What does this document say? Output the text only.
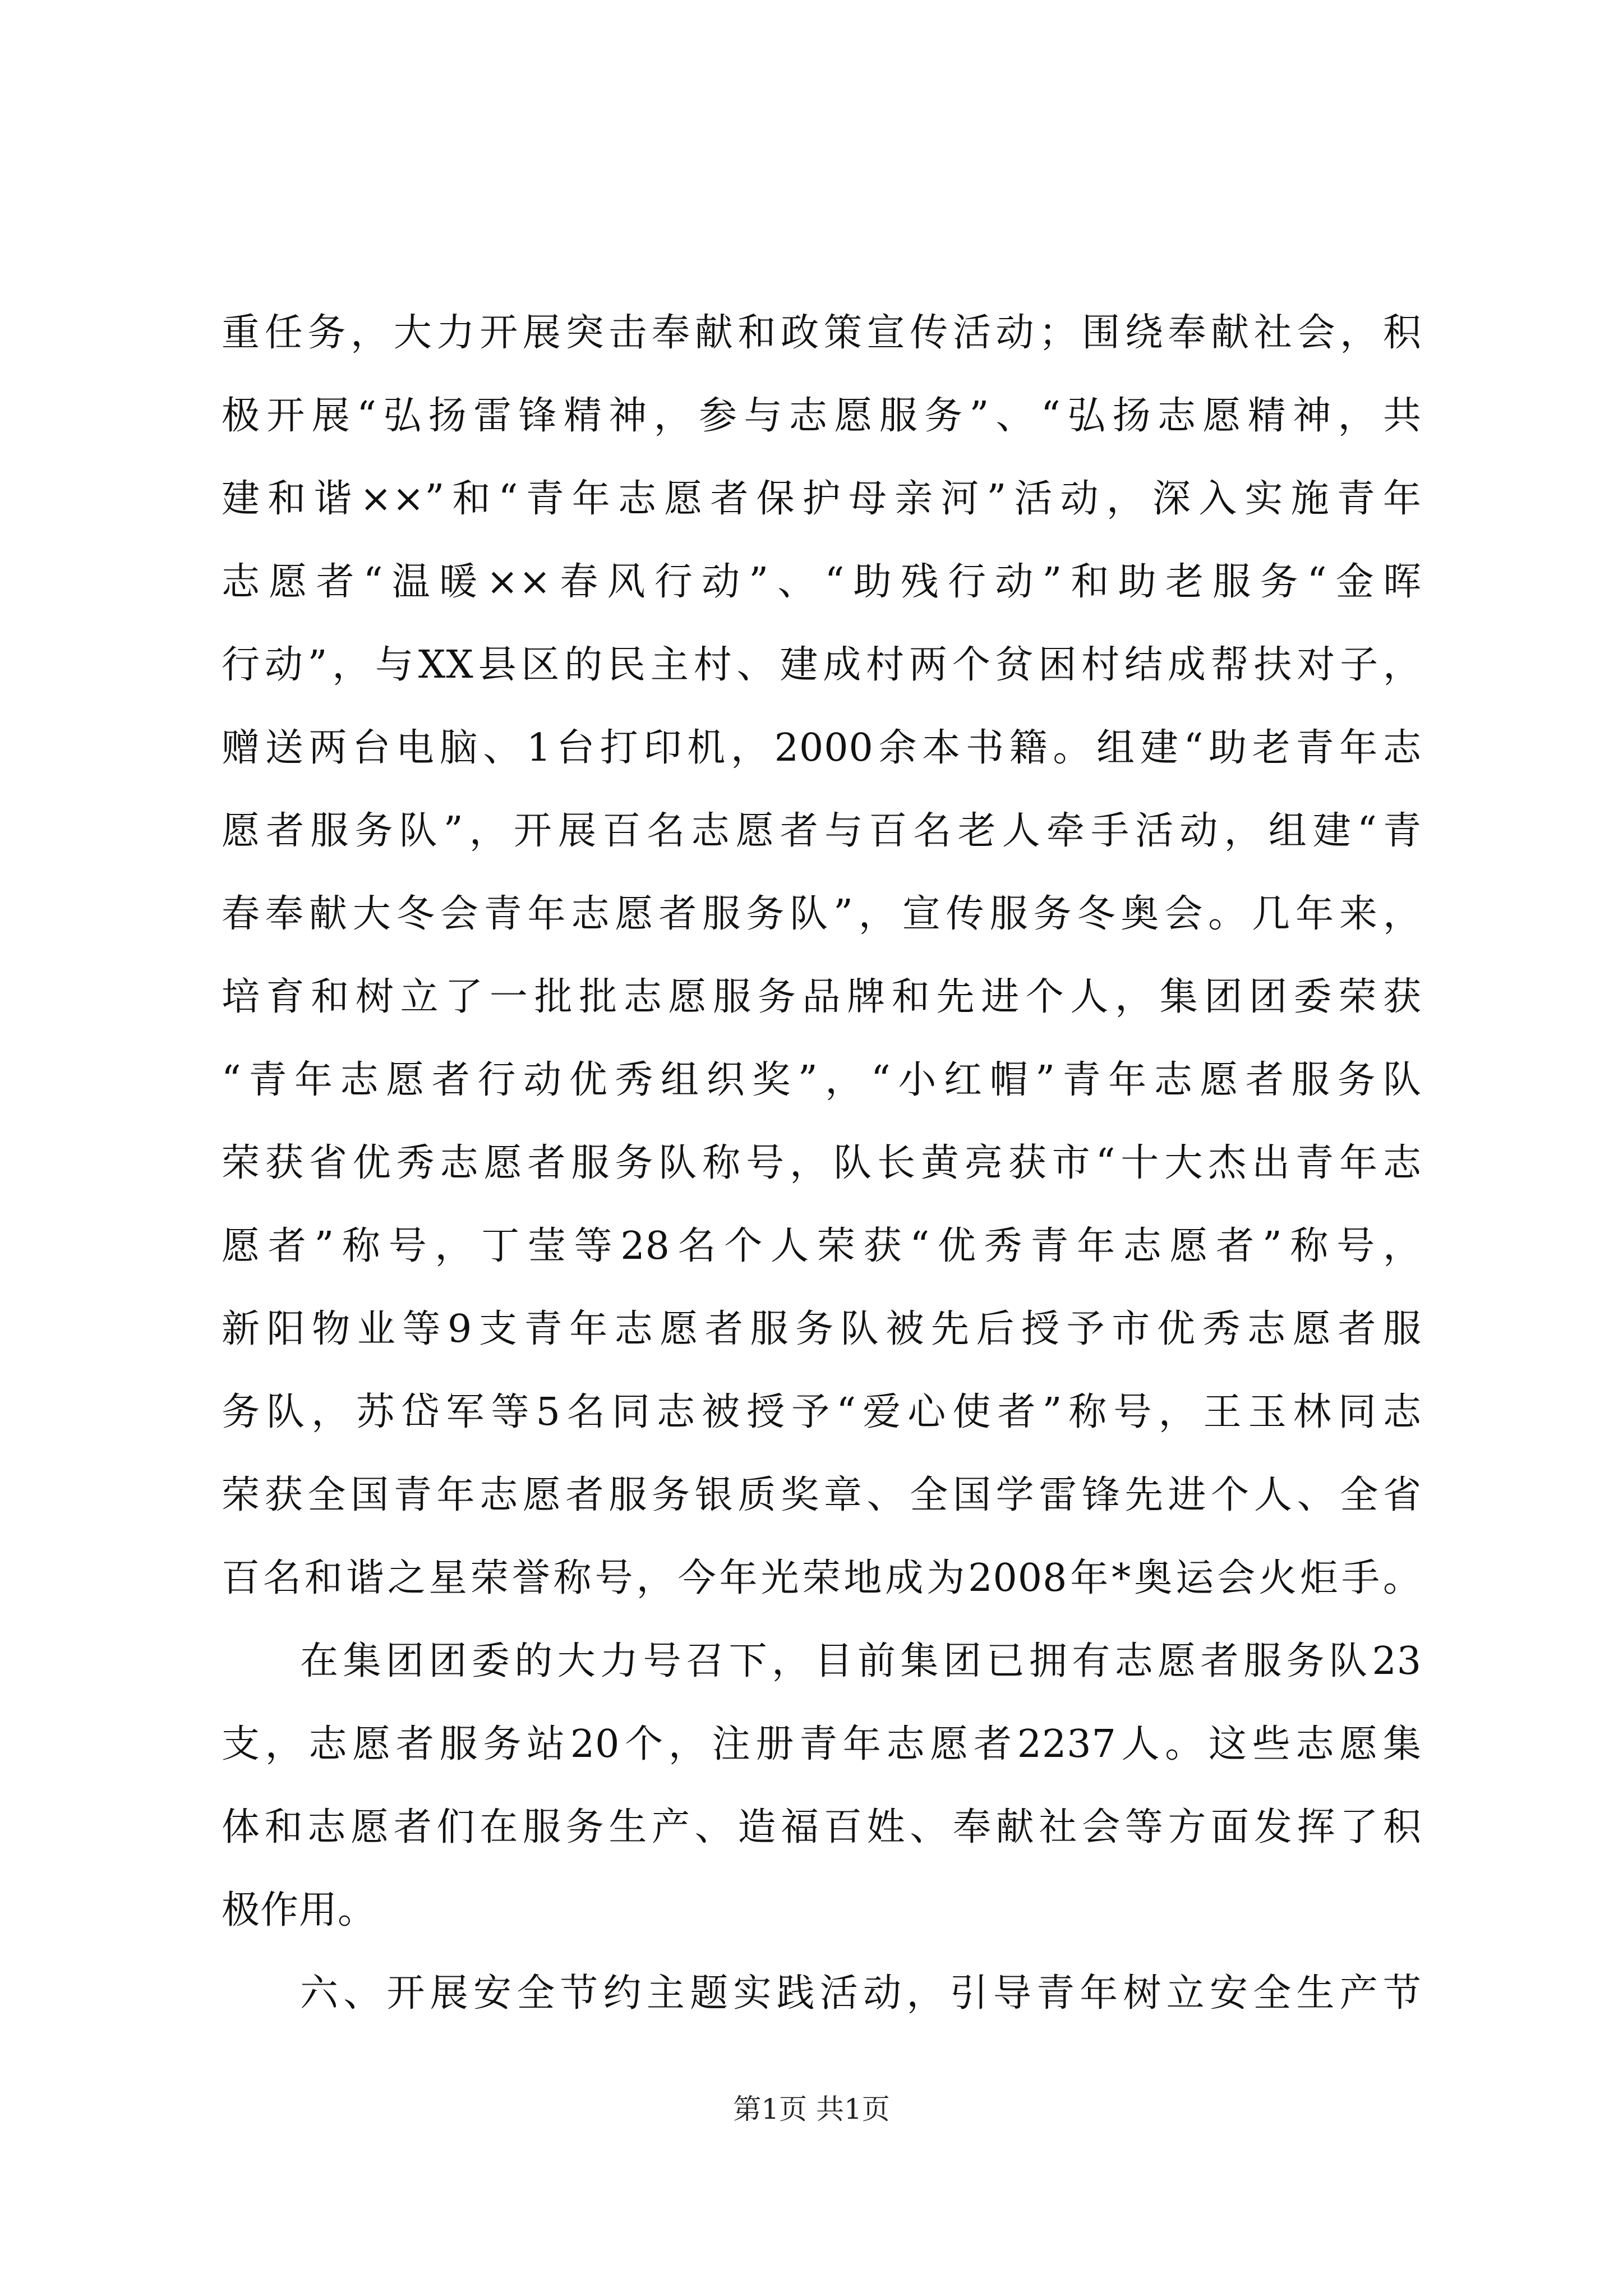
重任务，大力开展突击奉献和政策宣传活动；围绕奉献社会，积
极开展“弘扬雷锋精神，参与志愿服务”、“弘扬志愿精神，共
建和谐××”和“青年志愿者保护母亲河”活动，深入实施青年
志愿者“温暖××春风行动”、“助残行动”和助老服务“金晖
行动”，与XX县区的民主村、建成村两个贫困村结成帮扶对子，
赠送两台电脑、1台打印机，2000余本书籍。组建“助老青年志
愿者服务队”，开展百名志愿者与百名老人牵手活动，组建“青
春奉献大冬会青年志愿者服务队”，宣传服务冬奥会。几年来，
培育和树立了一批批志愿服务品牌和先进个人，集团团委荣获
“青年志愿者行动优秀组织奖”，“小红帽”青年志愿者服务队
荣获省优秀志愿者服务队称号，队长黄亮获市“十大杰出青年志
愿者”称号，丁莹等28名个人荣获“优秀青年志愿者”称号，
新阳物业等9支青年志愿者服务队被先后授予市优秀志愿者服
务队，苏岱军等5名同志被授予“爱心使者”称号，王玉林同志
荣获全国青年志愿者服务银质奖章、全国学雷锋先进个人、全省
百名和谐之星荣誉称号，今年光荣地成为2008年*奥运会火炬手。
在集团团委的大力号召下，目前集团已拥有志愿者服务队23
支，志愿者服务站20个，注册青年志愿者2237人。这些志愿集
体和志愿者们在服务生产、造福百姓、奉献社会等方面发挥了积
极作用。
六、开展安全节约主题实践活动，引导青年树立安全生产节
第1页 共1页
